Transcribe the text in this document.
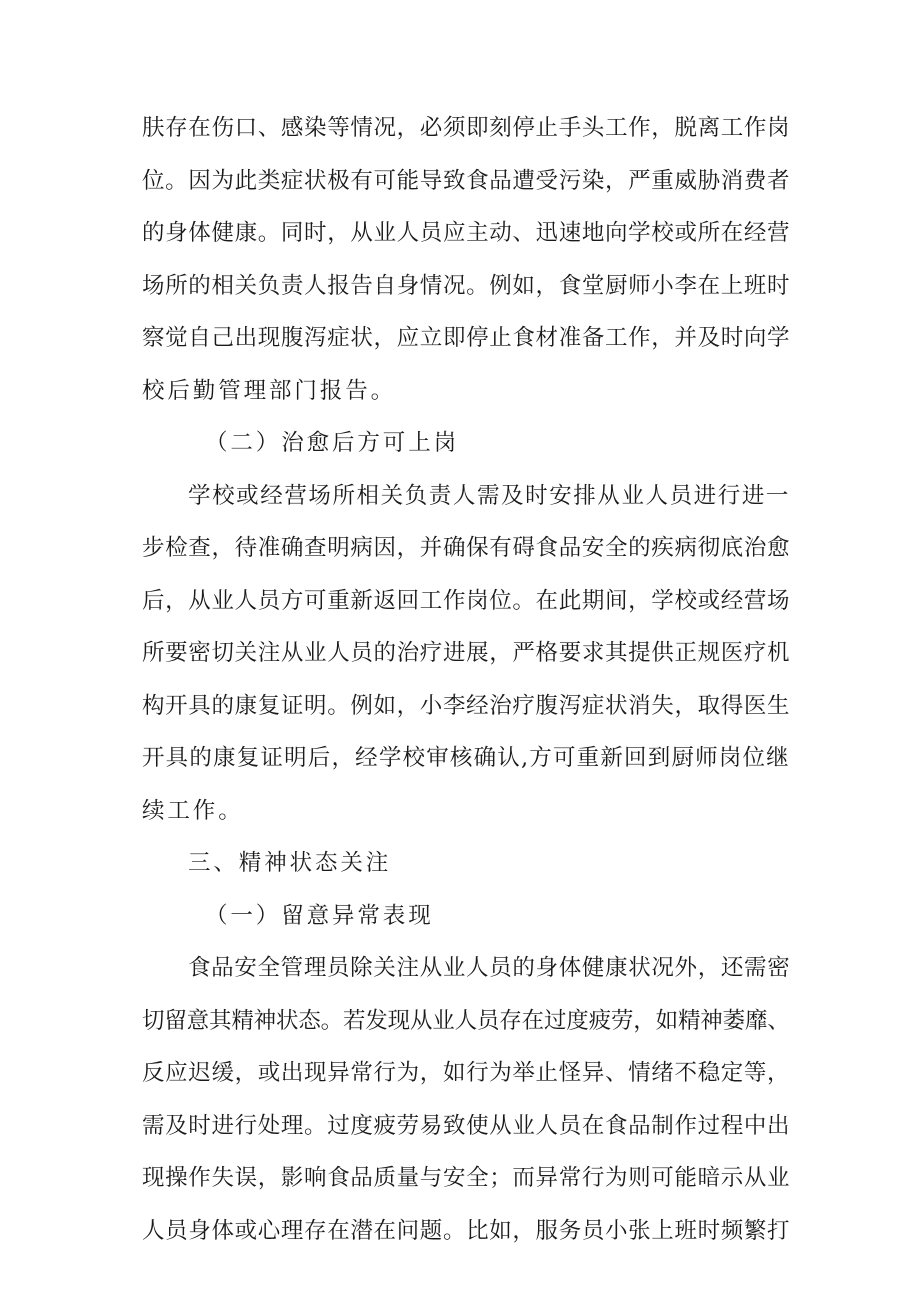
肤存在伤口、感染等情况，必须即刻停止手头工作，脱离工作岗
位。因为此类症状极有可能导致食品遭受污染，严重威胁消费者
的身体健康。同时，从业人员应主动、迅速地向学校或所在经营
场所的相关负责人报告自身情况。例如，食堂厨师小李在上班时
察觉自己出现腹泻症状，应立即停止食材准备工作，并及时向学
校后勤管理部门报告。
（二）治愈后方可上岗
学校或经营场所相关负责人需及时安排从业人员进行进一
步检查，待准确查明病因，并确保有碍食品安全的疾病彻底治愈
后，从业人员方可重新返回工作岗位。在此期间，学校或经营场
所要密切关注从业人员的治疗进展，严格要求其提供正规医疗机
构开具的康复证明。例如，小李经治疗腹泻症状消失，取得医生
开具的康复证明后，经学校审核确认,方可重新回到厨师岗位继
续工作。
三、精神状态关注
（一）留意异常表现
食品安全管理员除关注从业人员的身体健康状况外，还需密
切留意其精神状态。若发现从业人员存在过度疲劳，如精神萎靡、
反应迟缓，或出现异常行为，如行为举止怪异、情绪不稳定等，
需及时进行处理。过度疲劳易致使从业人员在食品制作过程中出
现操作失误，影响食品质量与安全；而异常行为则可能暗示从业
人员身体或心理存在潜在问题。比如，服务员小张上班时频繁打
